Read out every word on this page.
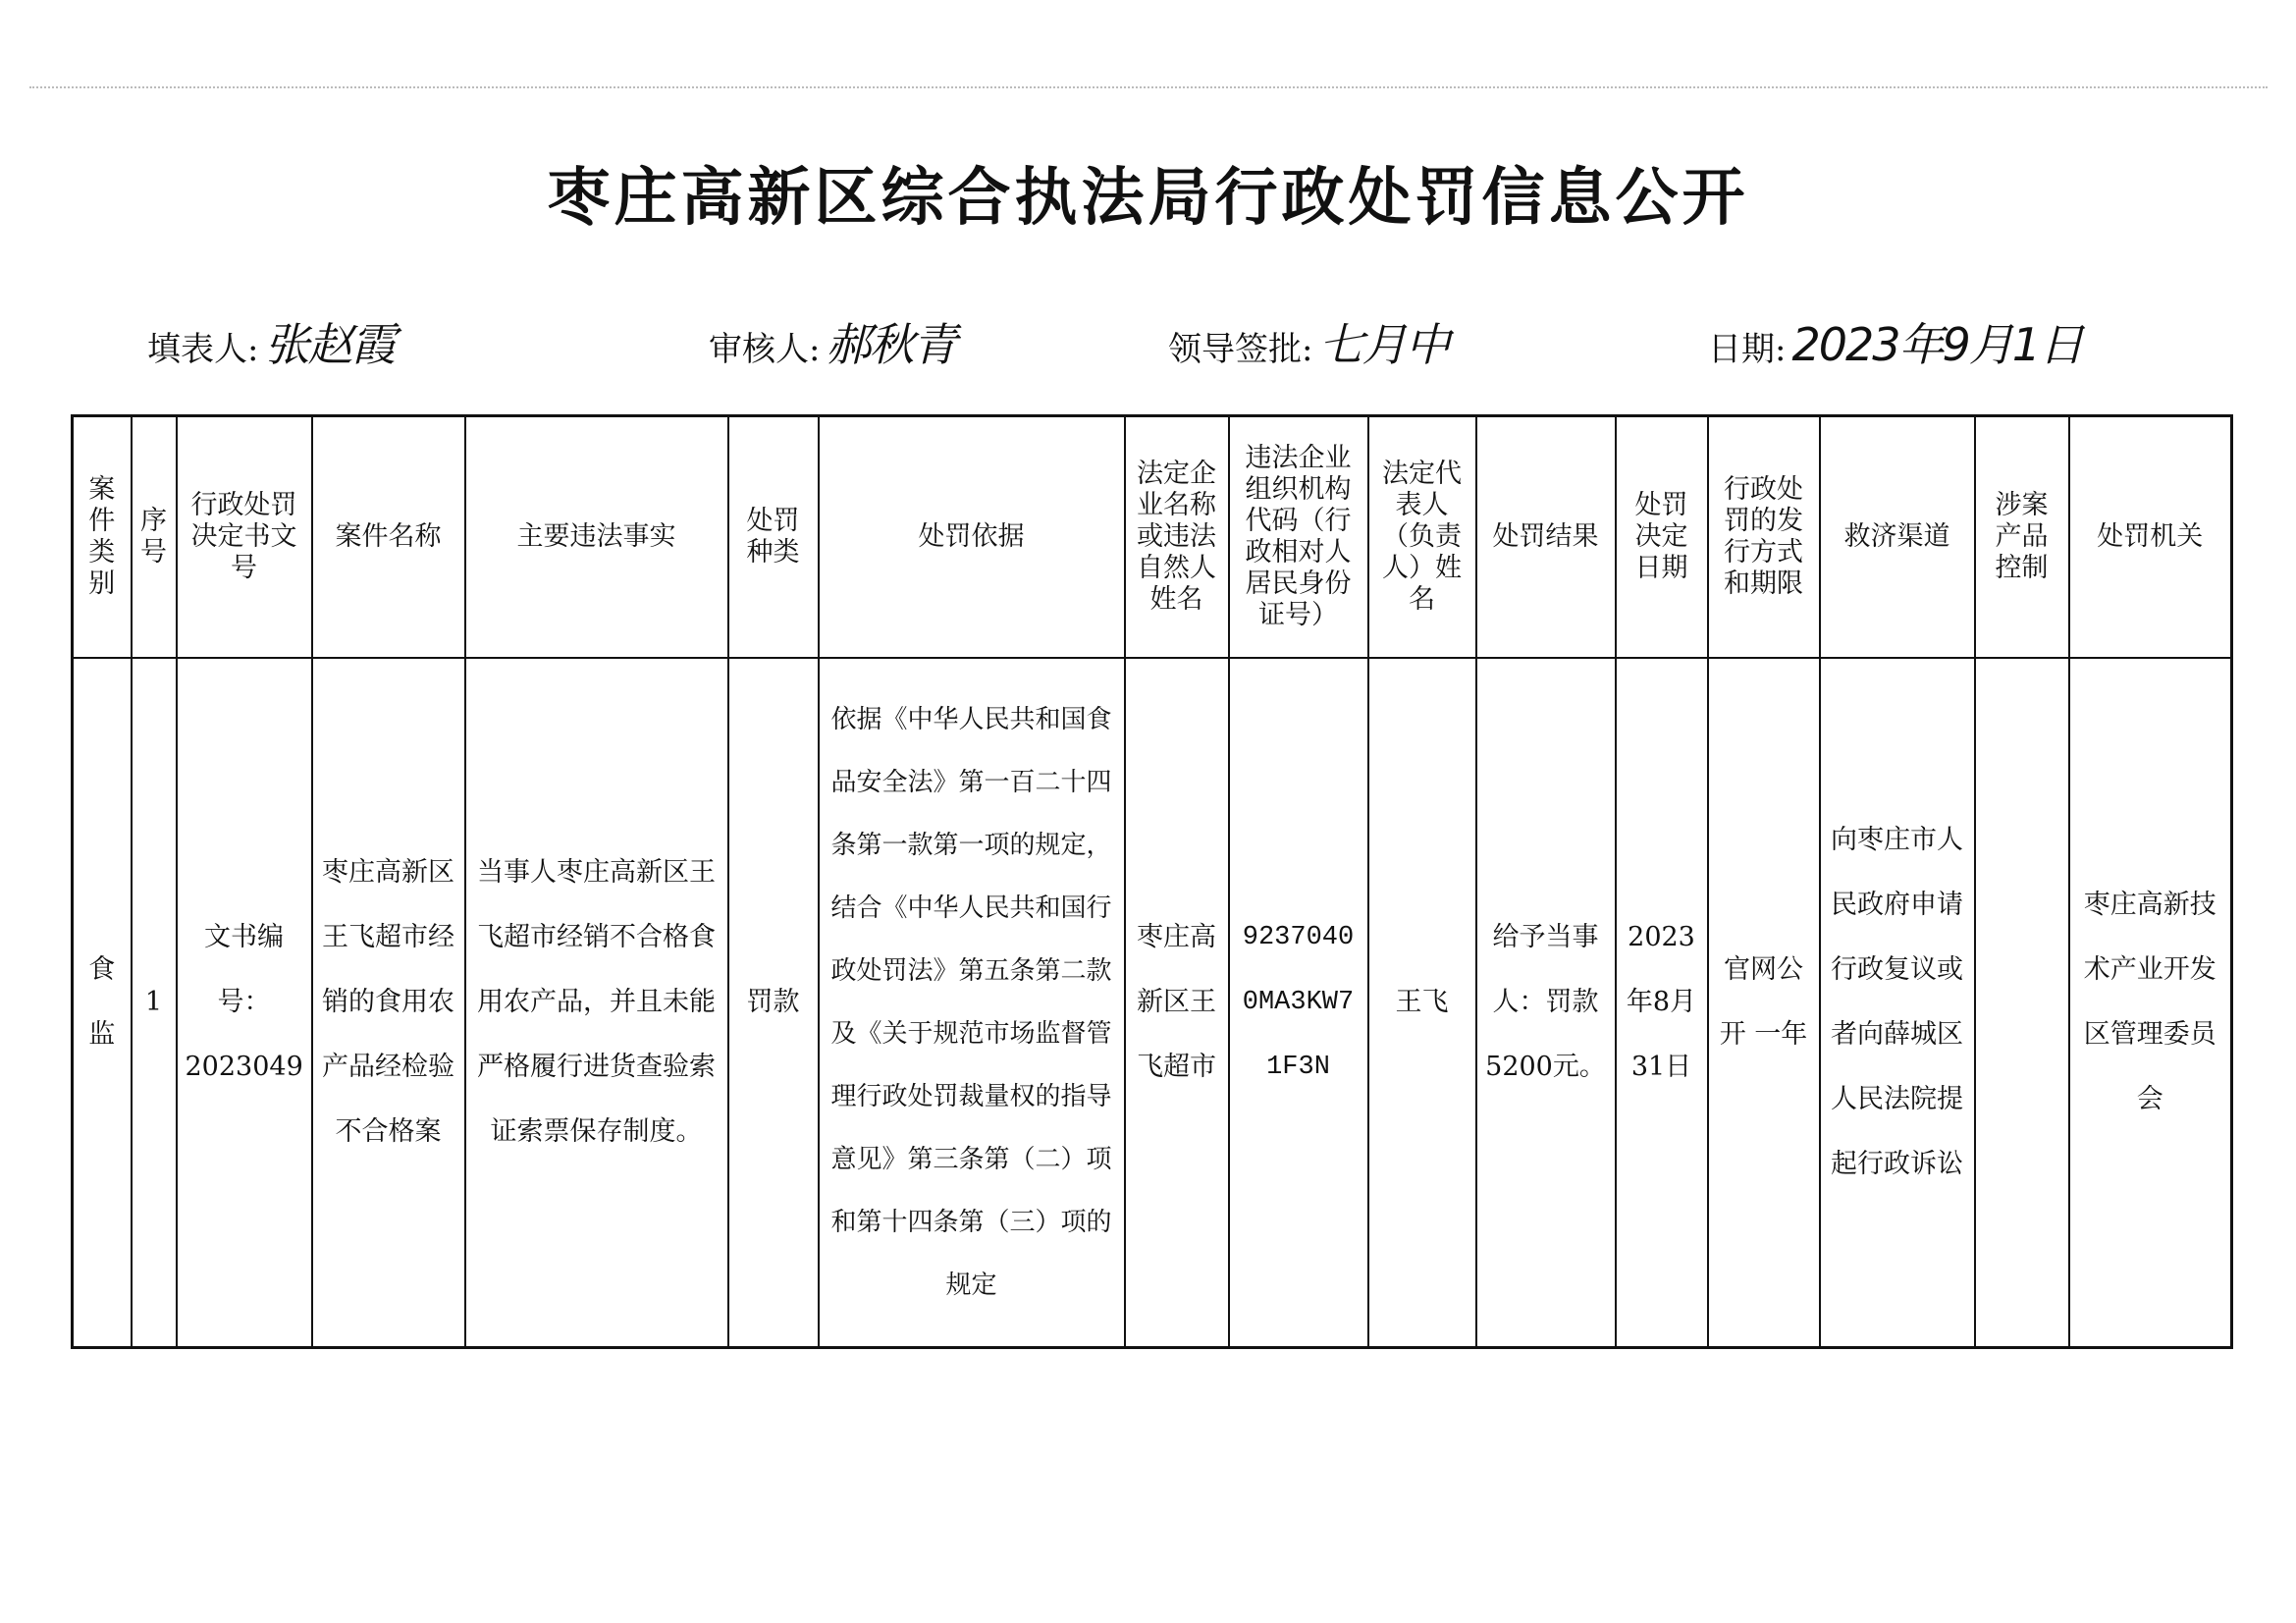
枣庄高新区综合执法局行政处罚信息公开
填表人: 张赵霞	审核人: 郝秋青	领导签批: 七月中	日期: 2023年9月1日
案件类别	序号	行政处罚决定书文号	案件名称	主要违法事实	处罚种类	处罚依据	法定企业名称或违法自然人姓名	违法企业组织机构代码（行政相对人居民身份证号）	法定代表人（负责人）姓名	处罚结果	处罚决定日期	行政处罚的发行方式和期限	救济渠道	涉案产品控制	处罚机关
食监	1	文书编号：2023049	枣庄高新区王飞超市经销的食用农产品经检验不合格案	当事人枣庄高新区王飞超市经销不合格食用农产品，并且未能严格履行进货查验索证索票保存制度。	罚款	依据《中华人民共和国食品安全法》第一百二十四条第一款第一项的规定，结合《中华人民共和国行政处罚法》第五条第二款及《关于规范市场监督管理行政处罚裁量权的指导意见》第三条第（二）项和第十四条第（三）项的规定	枣庄高新区王飞超市	92370400MA3KW71F3N	王飞	给予当事人：罚款5200元。	2023年8月31日	官网公开 一年	向枣庄市人民政府申请行政复议或者向薛城区人民法院提起行政诉讼		枣庄高新技术产业开发区管理委员会
